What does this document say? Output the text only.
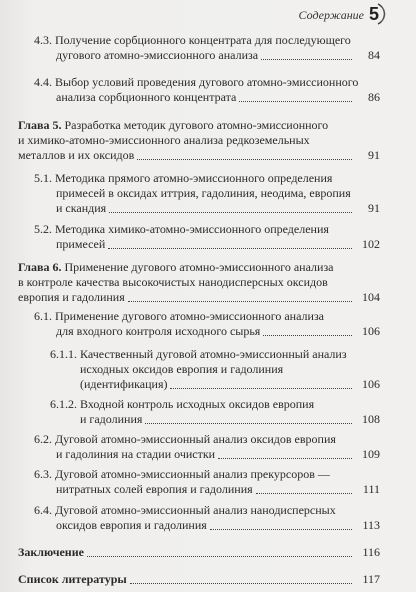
Содержание 5
4.3. Получение сорбционного концентрата для последующего
дугового атомно-эмиссионного анализа	84
4.4. Выбор условий проведения дугового атомно-эмиссионного
анализа сорбционного концентрата	86
Глава 5. Разработка методик дугового атомно-эмиссионного
и химико-атомно-эмиссионного анализа редкоземельных
металлов и их оксидов	91
5.1. Методика прямого атомно-эмиссионного определения
примесей в оксидах иттрия, гадолиния, неодима, европия
и скандия	91
5.2. Методика химико-атомно-эмиссионного определения
примесей	102
Глава 6. Применение дугового атомно-эмиссионного анализа
в контроле качества высокочистых нанодисперсных оксидов
европия и гадолиния	104
6.1. Применение дугового атомно-эмиссионного анализа
для входного контроля исходного сырья	106
6.1.1. Качественный дуговой атомно-эмиссионный анализ
исходных оксидов европия и гадолиния
(идентификация)	106
6.1.2. Входной контроль исходных оксидов европия
и гадолиния	108
6.2. Дуговой атомно-эмиссионный анализ оксидов европия
и гадолиния на стадии очистки	109
6.3. Дуговой атомно-эмиссионный анализ прекурсоров —
нитратных солей европия и гадолиния	111
6.4. Дуговой атомно-эмиссионный анализ нанодисперсных
оксидов европия и гадолиния	113
Заключение	116
Список литературы	117
